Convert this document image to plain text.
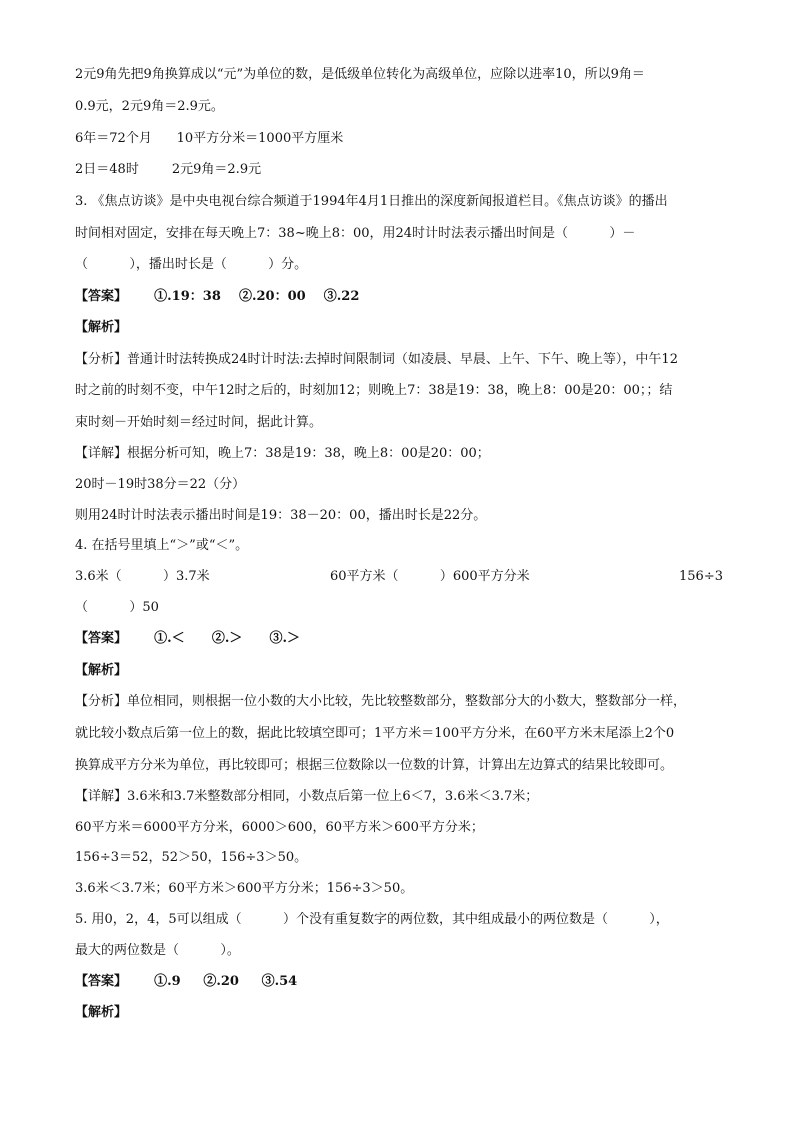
2元9角先把9角换算成以“元”为单位的数，是低级单位转化为高级单位，应除以进率10，所以9角＝
0.9元，2元9角＝2.9元。
6年＝72个月      10平方分米＝1000平方厘米
2日＝48时        2元9角＝2.9元
3. 《焦点访谈》是中央电视台综合频道于1994年4月1日推出的深度新闻报道栏目。《焦点访谈》的播出
时间相对固定，安排在每天晚上7：38~晚上8：00，用24时计时法表示播出时间是（          ）－
（          ），播出时长是（          ）分。
【答案】      ①.19：38    ②.20：00    ③.22
【解析】
【分析】普通计时法转换成24时计时法:去掉时间限制词（如凌晨、早晨、上午、下午、晚上等），中午12
时之前的时刻不变，中午12时之后的，时刻加12；则晚上7：38是19：38，晚上8：00是20：00；；结
束时刻－开始时刻＝经过时间，据此计算。
【详解】根据分析可知，晚上7：38是19：38，晚上8：00是20：00；
20时－19时38分＝22（分）
则用24时计时法表示播出时间是19：38－20：00，播出时长是22分。
4. 在括号里填上“＞”或“＜”。
3.6米（          ）3.7米	60平方米（          ）600平方分米	156÷3
（          ）50
【答案】      ①.＜      ②.＞      ③.＞
【解析】
【分析】单位相同，则根据一位小数的大小比较，先比较整数部分，整数部分大的小数大，整数部分一样，
就比较小数点后第一位上的数，据此比较填空即可；1平方米＝100平方分米，在60平方米末尾添上2个0
换算成平方分米为单位，再比较即可；根据三位数除以一位数的计算，计算出左边算式的结果比较即可。
【详解】3.6米和3.7米整数部分相同，小数点后第一位上6＜7，3.6米＜3.7米；
60平方米＝6000平方分米，6000＞600，60平方米＞600平方分米；
156÷3＝52，52＞50，156÷3＞50。
3.6米＜3.7米；60平方米＞600平方分米；156÷3＞50。
5. 用0，2，4，5可以组成（          ）个没有重复数字的两位数，其中组成最小的两位数是（          ），
最大的两位数是（          ）。
【答案】      ①.9     ②.20     ③.54
【解析】
